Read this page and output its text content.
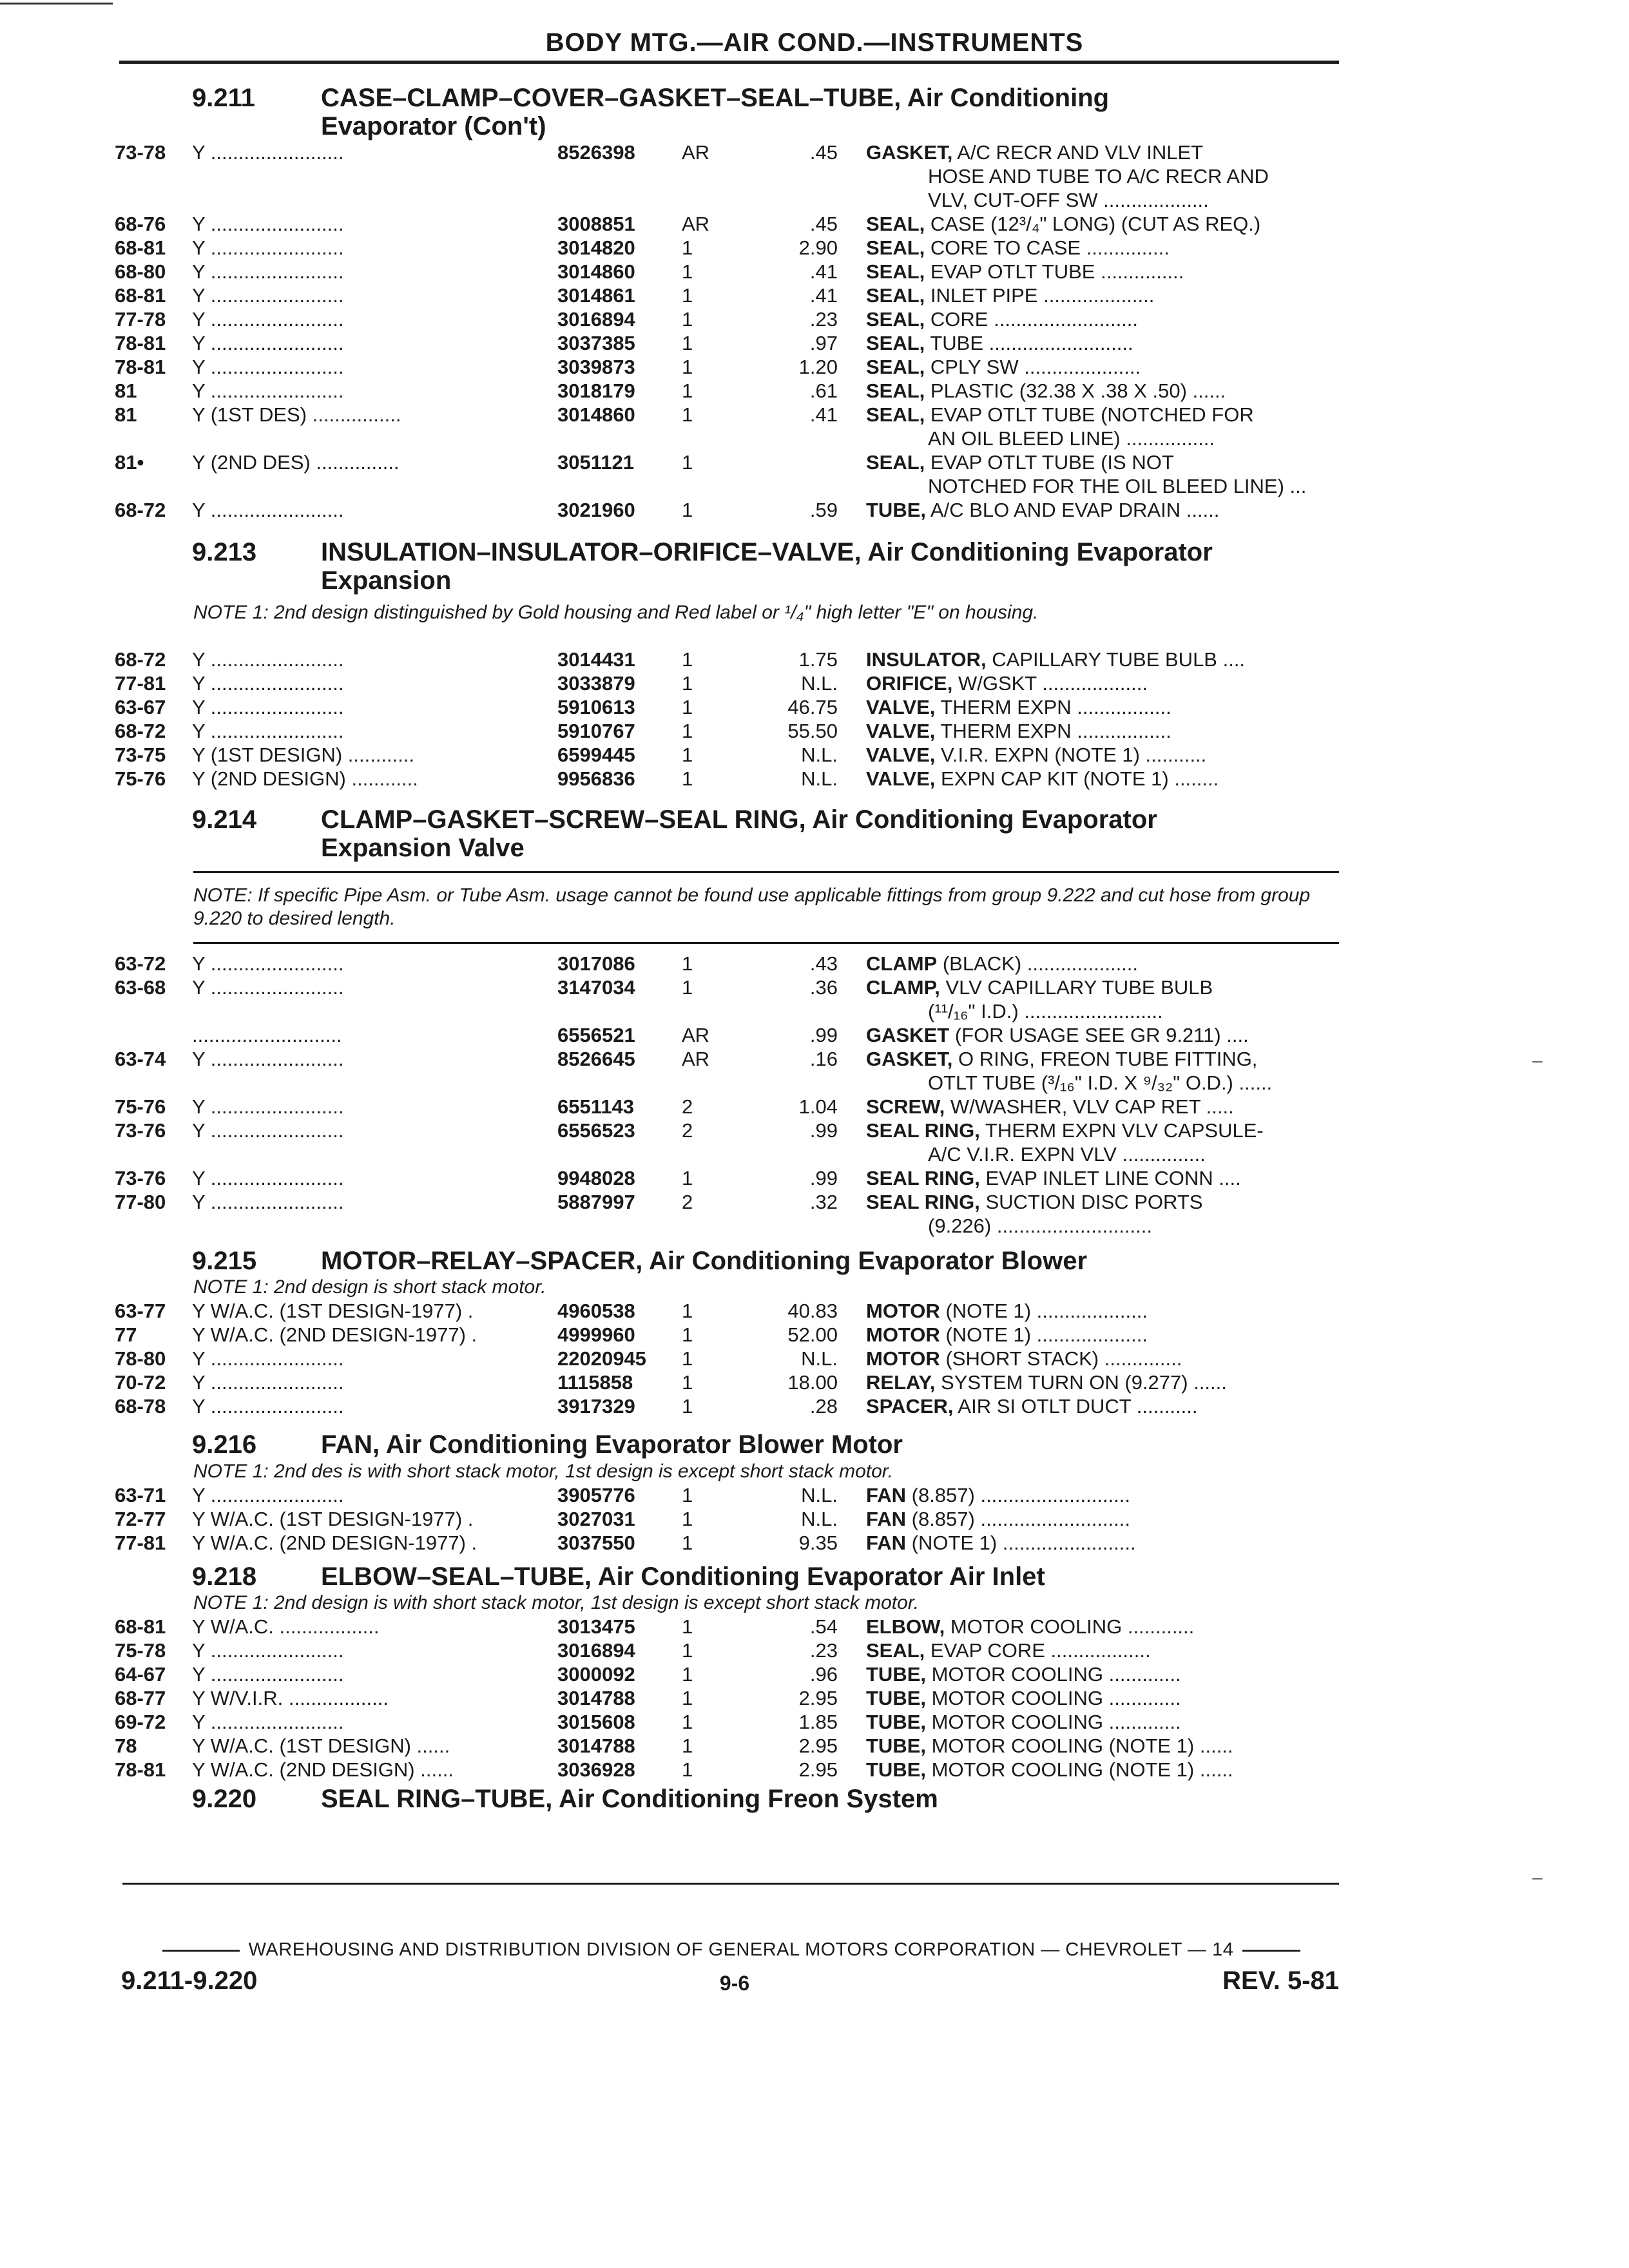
BODY MTG.—AIR COND.—INSTRUMENTS
9.211	CASE–CLAMP–COVER–GASKET–SEAL–TUBE, Air Conditioning
Evaporator (Con't)
73-78	Y ........................	8526398	AR	.45 GASKET, A/C RECR AND VLV INLET
HOSE AND TUBE TO A/C RECR AND
VLV, CUT-OFF SW ...................
68-76	Y ........................	3008851	AR	.45 SEAL, CASE (12³/₄" LONG) (CUT AS REQ.)
68-81	Y ........................	3014820	1	2.90 SEAL, CORE TO CASE ...............
68-80	Y ........................	3014860	1	.41 SEAL, EVAP OTLT TUBE ...............
68-81	Y ........................	3014861	1	.41 SEAL, INLET PIPE ....................
77-78	Y ........................	3016894	1	.23 SEAL, CORE ..........................
78-81	Y ........................	3037385	1	.97 SEAL, TUBE ..........................
78-81	Y ........................	3039873	1	1.20 SEAL, CPLY SW .....................
81	Y ........................	3018179	1	.61 SEAL, PLASTIC (32.38 X .38 X .50) ......
81	Y (1ST DES) ................	3014860	1	.41 SEAL, EVAP OTLT TUBE (NOTCHED FOR
AN OIL BLEED LINE) ................
81•	Y (2ND DES) ...............	3051121	1	SEAL, EVAP OTLT TUBE (IS NOT
NOTCHED FOR THE OIL BLEED LINE) ...
68-72	Y ........................	3021960	1	.59 TUBE, A/C BLO AND EVAP DRAIN ......
9.213	INSULATION–INSULATOR–ORIFICE–VALVE, Air Conditioning Evaporator
Expansion
NOTE 1: 2nd design distinguished by Gold housing and Red label or ¹/₄" high letter "E" on housing.
68-72	Y ........................	3014431	1	1.75 INSULATOR, CAPILLARY TUBE BULB ....
77-81	Y ........................	3033879	1	N.L. ORIFICE, W/GSKT ...................
63-67	Y ........................	5910613	1	46.75 VALVE, THERM EXPN .................
68-72	Y ........................	5910767	1	55.50 VALVE, THERM EXPN .................
73-75	Y (1ST DESIGN) ............	6599445	1	N.L. VALVE, V.I.R. EXPN (NOTE 1) ...........
75-76	Y (2ND DESIGN) ............	9956836	1	N.L. VALVE, EXPN CAP KIT (NOTE 1) ........
9.214	CLAMP–GASKET–SCREW–SEAL RING, Air Conditioning Evaporator
Expansion Valve
NOTE: If specific Pipe Asm. or Tube Asm. usage cannot be found use applicable fittings from group 9.222 and cut hose from group 9.220 to desired length.
63-72	Y ........................	3017086	1	.43 CLAMP (BLACK) ....................
63-68	Y ........................	3147034	1	.36 CLAMP, VLV CAPILLARY TUBE BULB
(¹¹/₁₆" I.D.) .........................
...........................	6556521	AR	.99 GASKET (FOR USAGE SEE GR 9.211) ....
63-74	Y ........................	8526645	AR	.16 GASKET, O RING, FREON TUBE FITTING,
OTLT TUBE (³/₁₆" I.D. X ⁹/₃₂" O.D.) ......
75-76	Y ........................	6551143	2	1.04 SCREW, W/WASHER, VLV CAP RET .....
73-76	Y ........................	6556523	2	.99 SEAL RING, THERM EXPN VLV CAPSULE-
A/C V.I.R. EXPN VLV ...............
73-76	Y ........................	9948028	1	.99 SEAL RING, EVAP INLET LINE CONN ....
77-80	Y ........................	5887997	2	.32 SEAL RING, SUCTION DISC PORTS
(9.226) ............................
9.215	MOTOR–RELAY–SPACER, Air Conditioning Evaporator Blower
NOTE 1: 2nd design is short stack motor.
63-77	Y W/A.C. (1ST DESIGN-1977) .	4960538	1	40.83 MOTOR (NOTE 1) ....................
77	Y W/A.C. (2ND DESIGN-1977) .	4999960	1	52.00 MOTOR (NOTE 1) ....................
78-80	Y ........................	22020945	1	N.L. MOTOR (SHORT STACK) ..............
70-72	Y ........................	1115858	1	18.00 RELAY, SYSTEM TURN ON (9.277) ......
68-78	Y ........................	3917329	1	.28 SPACER, AIR SI OTLT DUCT ...........
9.216	FAN, Air Conditioning Evaporator Blower Motor
NOTE 1: 2nd des is with short stack motor, 1st design is except short stack motor.
63-71	Y ........................	3905776	1	N.L. FAN (8.857) ...........................
72-77	Y W/A.C. (1ST DESIGN-1977) .	3027031	1	N.L. FAN (8.857) ...........................
77-81	Y W/A.C. (2ND DESIGN-1977) .	3037550	1	9.35 FAN (NOTE 1) ........................
9.218	ELBOW–SEAL–TUBE, Air Conditioning Evaporator Air Inlet
NOTE 1: 2nd design is with short stack motor, 1st design is except short stack motor.
68-81	Y W/A.C. ..................	3013475	1	.54 ELBOW, MOTOR COOLING ............
75-78	Y ........................	3016894	1	.23 SEAL, EVAP CORE ..................
64-67	Y ........................	3000092	1	.96 TUBE, MOTOR COOLING .............
68-77	Y W/V.I.R. ..................	3014788	1	2.95 TUBE, MOTOR COOLING .............
69-72	Y ........................	3015608	1	1.85 TUBE, MOTOR COOLING .............
78	Y W/A.C. (1ST DESIGN) ......	3014788	1	2.95 TUBE, MOTOR COOLING (NOTE 1) ......
78-81	Y W/A.C. (2ND DESIGN) ......	3036928	1	2.95 TUBE, MOTOR COOLING (NOTE 1) ......
9.220	SEAL RING–TUBE, Air Conditioning Freon System
WAREHOUSING AND DISTRIBUTION DIVISION OF GENERAL MOTORS CORPORATION — CHEVROLET — 14
9.211-9.220	9-6	REV. 5-81
–
–
